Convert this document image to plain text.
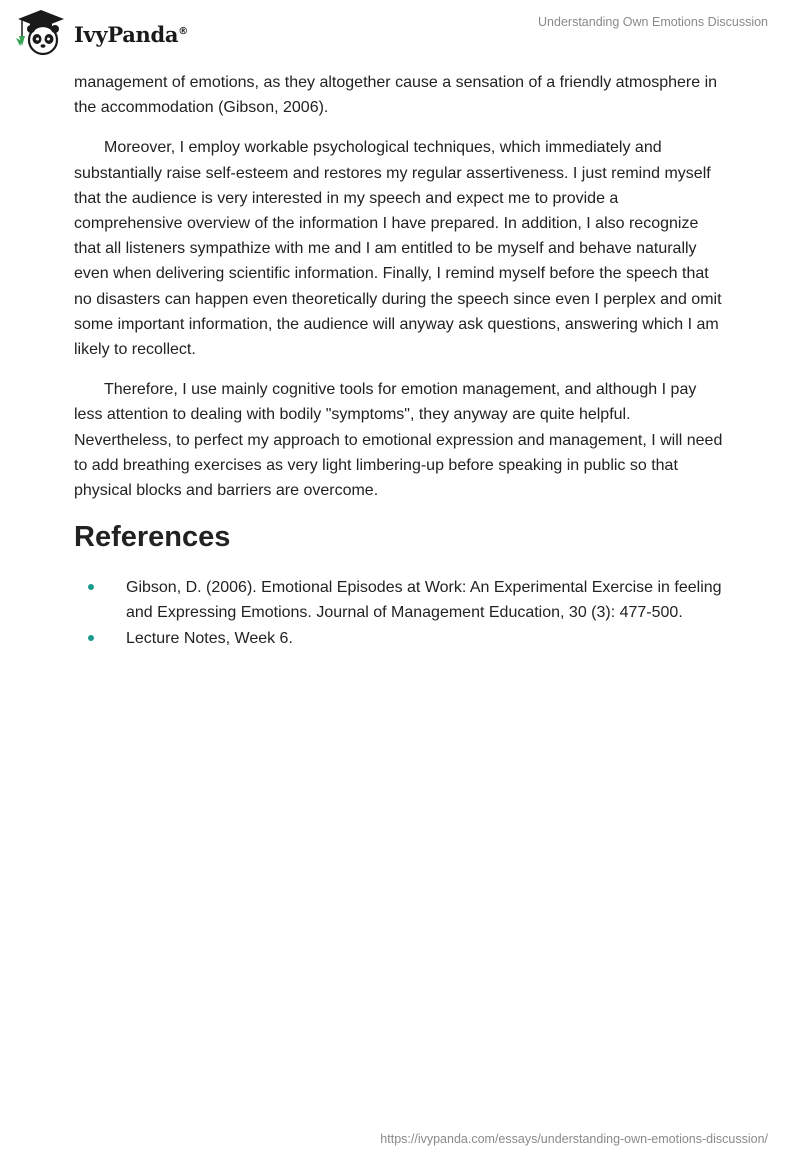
IvyPanda®
Understanding Own Emotions Discussion

management of emotions, as they altogether cause a sensation of a friendly atmosphere in the accommodation (Gibson, 2006).

Moreover, I employ workable psychological techniques, which immediately and substantially raise self-esteem and restores my regular assertiveness. I just remind myself that the audience is very interested in my speech and expect me to provide a comprehensive overview of the information I have prepared. In addition, I also recognize that all listeners sympathize with me and I am entitled to be myself and behave naturally even when delivering scientific information. Finally, I remind myself before the speech that no disasters can happen even theoretically during the speech since even I perplex and omit some important information, the audience will anyway ask questions, answering which I am likely to recollect.

Therefore, I use mainly cognitive tools for emotion management, and although I pay less attention to dealing with bodily "symptoms", they anyway are quite helpful. Nevertheless, to perfect my approach to emotional expression and management, I will need to add breathing exercises as very light limbering-up before speaking in public so that physical blocks and barriers are overcome.

References
Gibson, D. (2006). Emotional Episodes at Work: An Experimental Exercise in feeling and Expressing Emotions. Journal of Management Education, 30 (3): 477-500.
Lecture Notes, Week 6.
https://ivypanda.com/essays/understanding-own-emotions-discussion/
